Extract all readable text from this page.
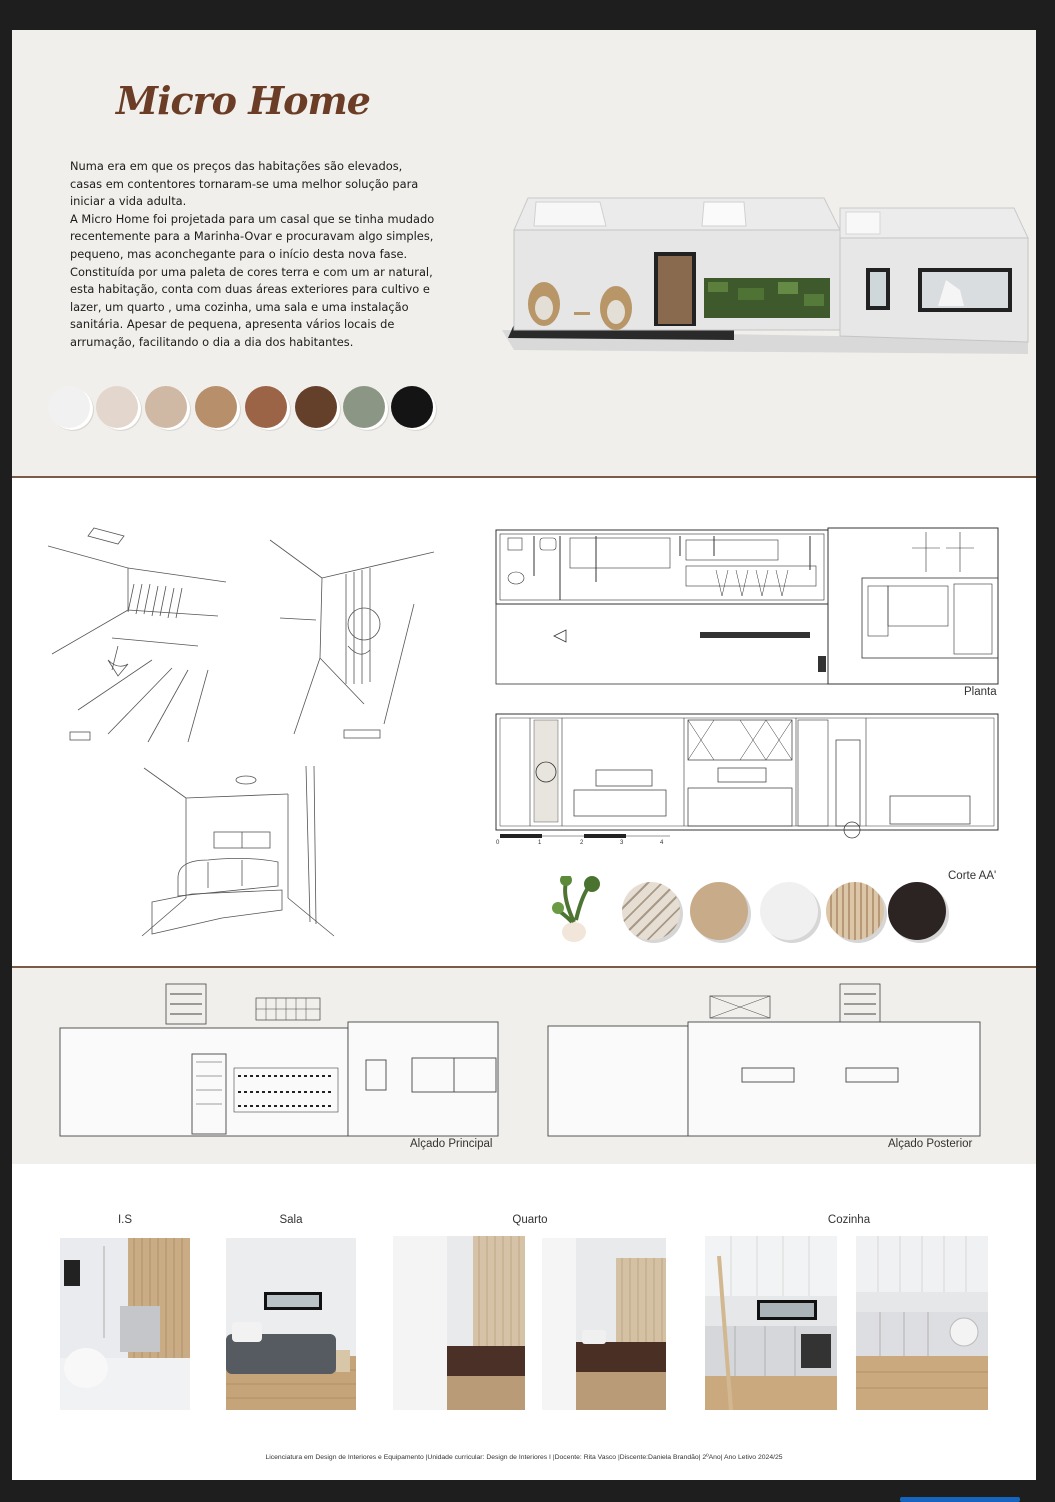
Micro Home

Numa era em que os preços das habitações são elevados,

casas em contentores tornaram-se uma melhor solução para

iniciar a vida adulta.

A Micro Home foi projetada para um casal que se tinha mudado

recentemente para a Marinha-Ovar e procuravam algo simples,

pequeno, mas aconchegante para o início desta nova fase.

Constituída por uma paleta de cores terra e com um ar natural,

esta habitação, conta com duas áreas exteriores para cultivo e

lazer, um quarto , uma cozinha, uma sala e uma instalação

sanitária. Apesar de pequena, apresenta vários locais de

arrumação, facilitando o dia a dia dos habitantes.

Planta
0	1	2	3	4
Corte AA'
Alçado Principal	Alçado Posterior
I.S	Sala	Quarto	Cozinha
Licenciatura em Design de Interiores e Equipamento |Unidade curricular: Design de Interiores I |Docente: Rita Vasco |Discente:Daniela Brandão| 2ºAno| Ano Letivo 2024/25
